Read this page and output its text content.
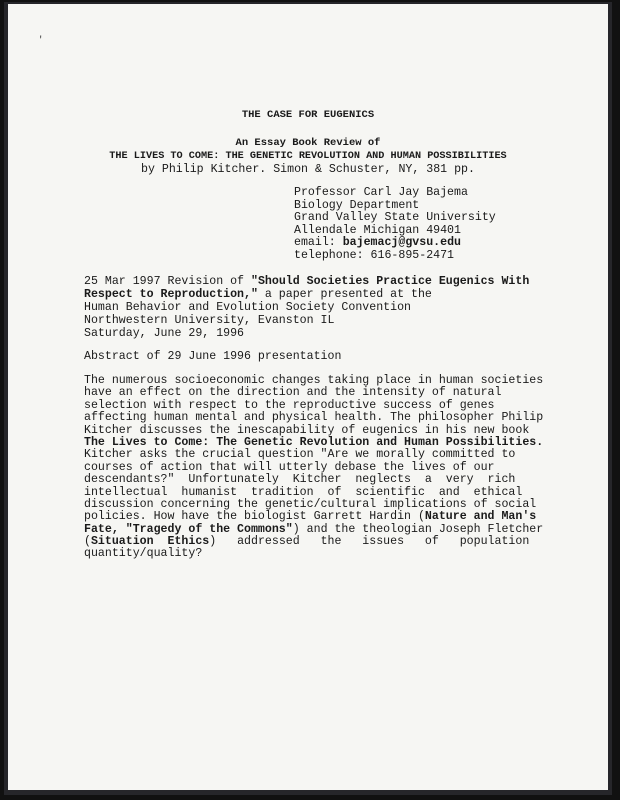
'
THE CASE FOR EUGENICS
An Essay Book Review of
THE LIVES TO COME: THE GENETIC REVOLUTION AND HUMAN POSSIBILITIES
by Philip Kitcher. Simon & Schuster, NY, 381 pp.
Professor Carl Jay Bajema
Biology Department
Grand Valley State University
Allendale Michigan 49401
email: bajemacj@gvsu.edu
telephone: 616-895-2471
25 Mar 1997 Revision of "Should Societies Practice Eugenics With
Respect to Reproduction," a paper presented at the
Human Behavior and Evolution Society Convention
Northwestern University, Evanston IL
Saturday, June 29, 1996
Abstract of 29 June 1996 presentation
The numerous socioeconomic changes taking place in human societies
have an effect on the direction and the intensity of natural
selection with respect to the reproductive success of genes
affecting human mental and physical health. The philosopher Philip
Kitcher discusses the inescapability of eugenics in his new book
The Lives to Come: The Genetic Revolution and Human Possibilities.
Kitcher asks the crucial question "Are we morally committed to
courses of action that will utterly debase the lives of our
descendants?"  Unfortunately  Kitcher  neglects  a  very  rich
intellectual  humanist  tradition  of  scientific  and  ethical
discussion concerning the genetic/cultural implications of social
policies. How have the biologist Garrett Hardin (Nature and Man's
Fate, "Tragedy of the Commons") and the theologian Joseph Fletcher
(Situation  Ethics)   addressed   the   issues   of   population
quantity/quality?
